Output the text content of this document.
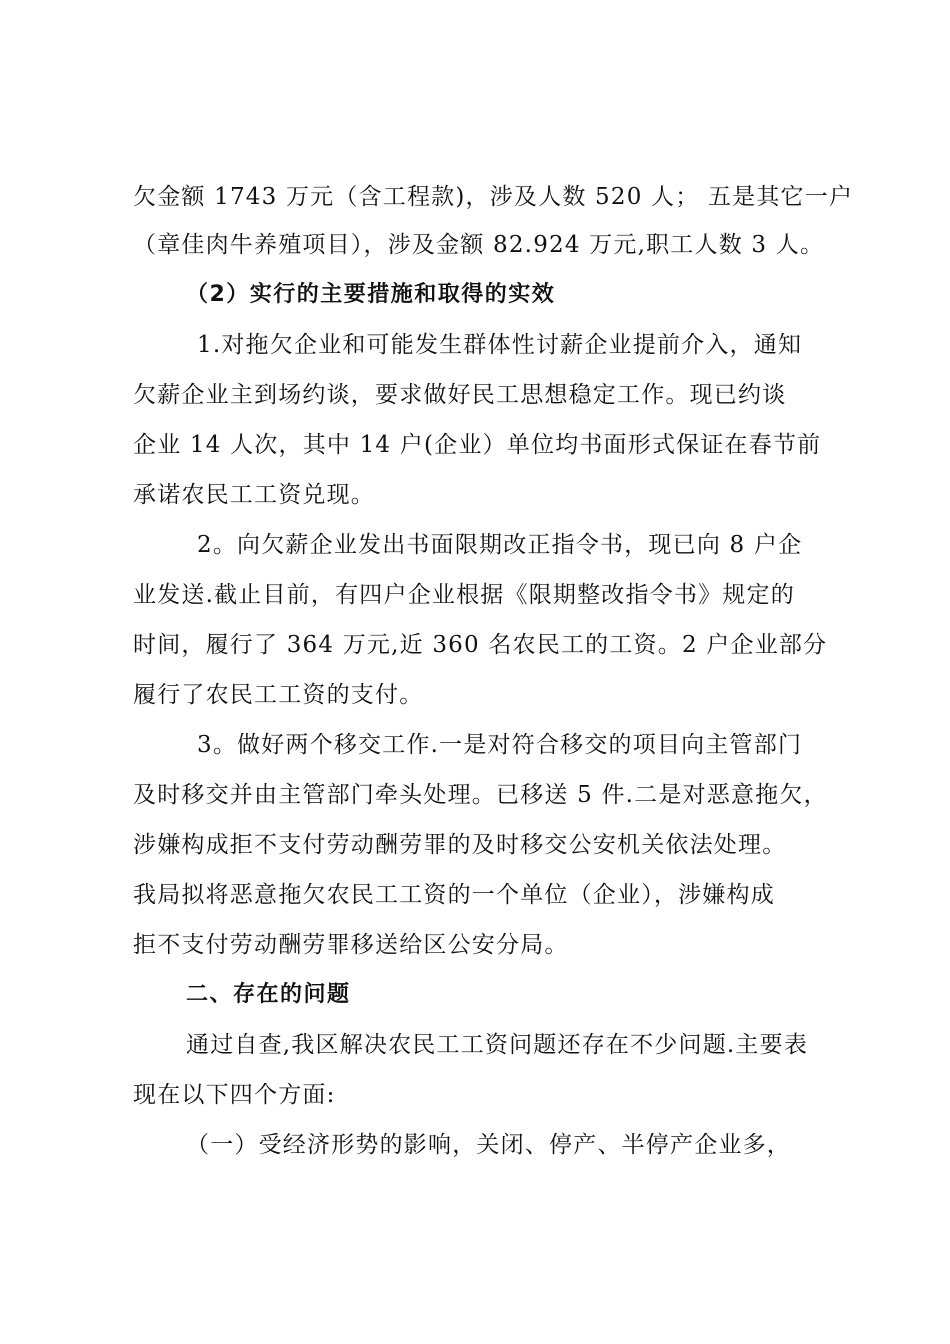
欠金额 1743 万元（含工程款)，涉及人数 520 人； 五是其它一户
（章佳肉牛养殖项目），涉及金额 82.924 万元,职工人数 3 人。
（2）实行的主要措施和取得的实效
1.对拖欠企业和可能发生群体性讨薪企业提前介入，通知
欠薪企业主到场约谈，要求做好民工思想稳定工作。现已约谈
企业 14 人次，其中 14 户(企业）单位均书面形式保证在春节前
承诺农民工工资兑现。
2。向欠薪企业发出书面限期改正指令书，现已向 8 户企
业发送.截止目前，有四户企业根据《限期整改指令书》规定的
时间，履行了 364 万元,近 360 名农民工的工资。2 户企业部分
履行了农民工工资的支付。
3。做好两个移交工作.一是对符合移交的项目向主管部门
及时移交并由主管部门牵头处理。已移送 5 件.二是对恶意拖欠，
涉嫌构成拒不支付劳动酬劳罪的及时移交公安机关依法处理。
我局拟将恶意拖欠农民工工资的一个单位（企业），涉嫌构成
拒不支付劳动酬劳罪移送给区公安分局。
二、存在的问题
通过自查,我区解决农民工工资问题还存在不少问题.主要表
现在以下四个方面:
（一）受经济形势的影响，关闭、停产、半停产企业多，
